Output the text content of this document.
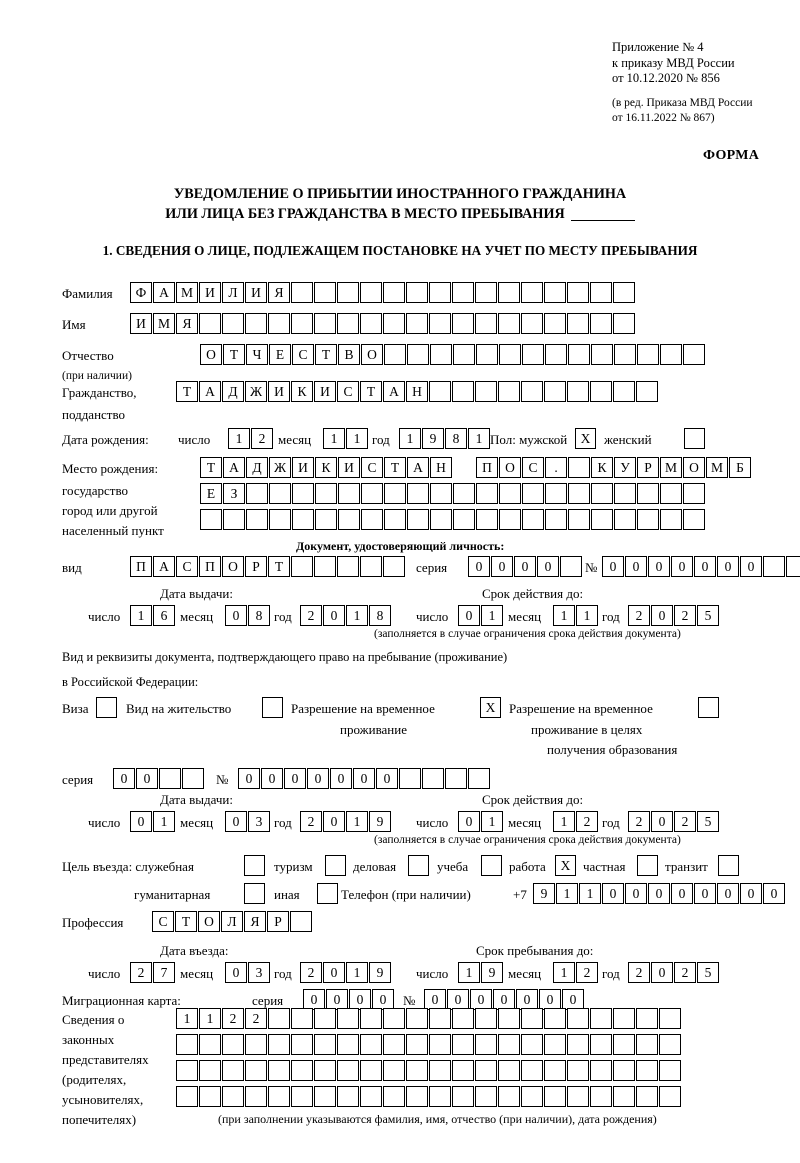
Приложение № 4
к приказу МВД России
от 10.12.2020 № 856
(в ред. Приказа МВД России
от 16.11.2022 № 867)
ФОРМА
УВЕДОМЛЕНИЕ О ПРИБЫТИИ ИНОСТРАННОГО ГРАЖДАНИНА
ИЛИ ЛИЦА БЕЗ ГРАЖДАНСТВА В МЕСТО ПРЕБЫВАНИЯ
1. СВЕДЕНИЯ О ЛИЦЕ, ПОДЛЕЖАЩЕМ ПОСТАНОВКЕ НА УЧЕТ ПО МЕСТУ ПРЕБЫВАНИЯ
Фамилия	Ф А М И	Л	И	Я
Имя	И М Я
Отчество
(при наличии)
О	Т	Ч	Е	С	Т	В	О
Гражданство,
подданство
Т	А	Д Ж И	К	И	С	Т	А Н
Дата рождения: число	1	2 месяц	1	1 год	1	9	8	1 Пол: мужской X	женский
Место рождения:
государство
город или другой
населенный пункт
Т	А	Д Ж И	К	И	С	Т	А Н	П О	С	.	К	У	Р М О М Б
Е	З
Документ, удостоверяющий личность:
вид	П А	С	П О	Р	Т	серия	0	0	0	0	№ 0	0	0	0	0	0	0
Дата выдачи:	Срок действия до:
число	1	6 месяц	0	8 год	2	0	1	8	число	0	1 месяц	1	1 год	2	0	2	5
(заполняется в случае ограничения срока действия документа)
Вид и реквизиты документа, подтверждающего право на пребывание (проживание)
в Российской Федерации:
Виза	Вид на жительство	Разрешение на временное
проживание
X	Разрешение на временное
проживание в целях
получения образования
серия	0	0	№	0	0	0	0	0	0	0
Дата выдачи:	Срок действия до:
число	0	1 месяц	0	3 год	2	0	1	9	число	0	1 месяц	1	2 год	2	0	2	5
(заполняется в случае ограничения срока действия документа)
Цель въезда: служебная	туризм	деловая	учеба	работа	X частная	транзит
гуманитарная	иная	Телефон (при наличии)	+7	9	1	1	0	0	0	0	0	0	0	0
Профессия	С	Т	О	Л	Я	Р
Дата въезда:	Срок пребывания до:
число	2	7 месяц	0	3 год	2	0	1	9	число	1	9 месяц	1	2 год	2	0	2	5
Миграционная карта:	серия	0	0	0	0	№	0	0	0	0	0	0	0
Сведения о
законных
представителях
(родителях,
усыновителях,
попечителях)
1	1	2	2
(при заполнении указываются фамилия, имя, отчество (при наличии), дата рождения)
